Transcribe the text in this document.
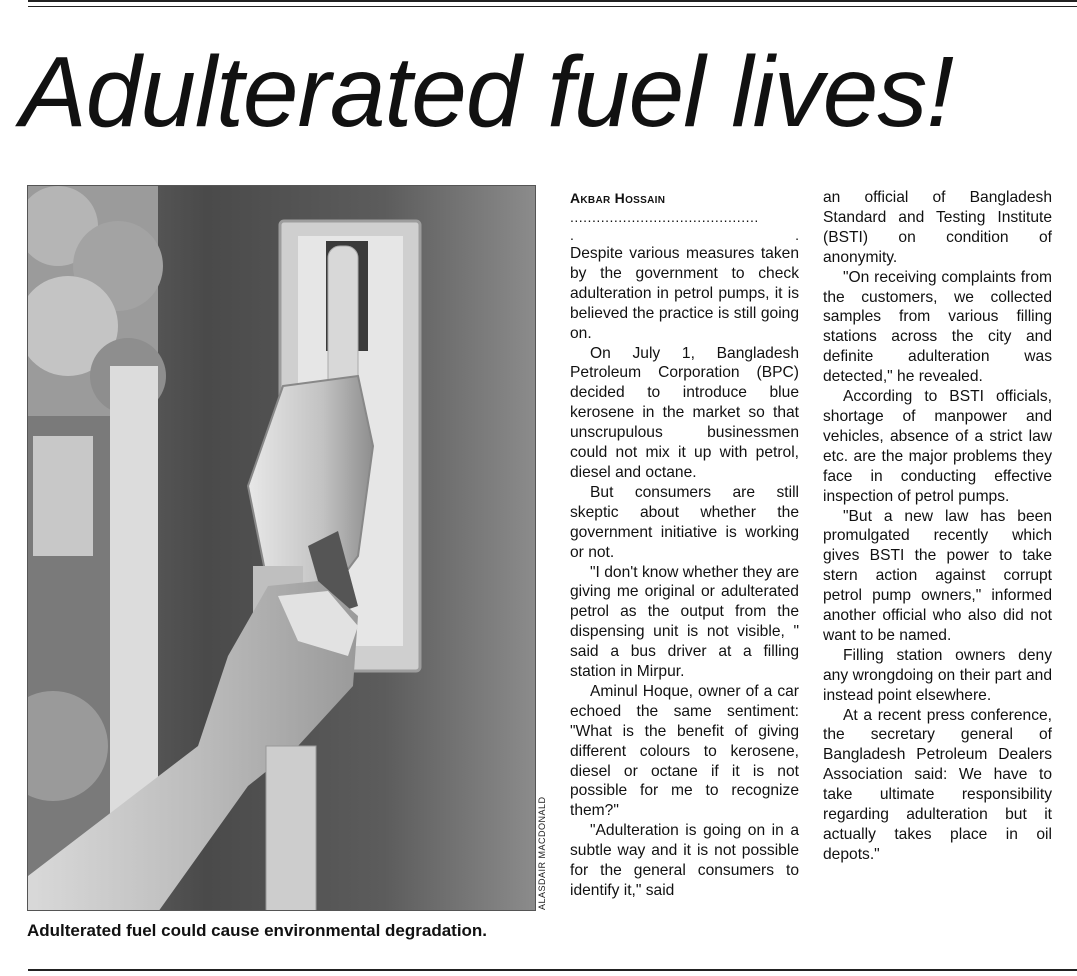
Adulterated fuel lives!
ALASDAIR MACDONALD
Adulterated fuel could cause environmental degradation.
Akbar Hossain
...........................................
.	.

Despite various measures taken by the government to check adulteration in petrol pumps, it is believed the practice is still going on.

On July 1, Bangladesh Petroleum Corporation (BPC) decided to introduce blue kerosene in the market so that unscrupulous businessmen could not mix it up with petrol, diesel and octane.

But consumers are still skeptic about whether the government initiative is working or not.

"I don't know whether they are giving me original or adulterated petrol as the output from the dispensing unit is not visible, " said a bus driver at a filling station in Mirpur.

Aminul Hoque, owner of a car echoed the same sentiment: "What is the benefit of giving different colours to kerosene, diesel or octane if it is not possible for me to recognize them?"

"Adulteration is going on in a subtle way and it is not possible for the general consumers to identify it," said

an official of Bangladesh Standard and Testing Institute (BSTI) on condition of anonymity.

"On receiving complaints from the customers, we collected samples from various filling stations across the city and definite adulteration was detected," he revealed.

According to BSTI officials, shortage of manpower and vehicles, absence of a strict law etc. are the major problems they face in conducting effective inspection of petrol pumps.

"But a new law has been promulgated recently which gives BSTI the power to take stern action against corrupt petrol pump owners," informed another official who also did not want to be named.

Filling station owners deny any wrongdoing on their part and instead point elsewhere.

At a recent press conference, the secretary general of Bangladesh Petroleum Dealers Association said: We have to take ultimate responsibility regarding adulteration but it actually takes place in oil depots."
